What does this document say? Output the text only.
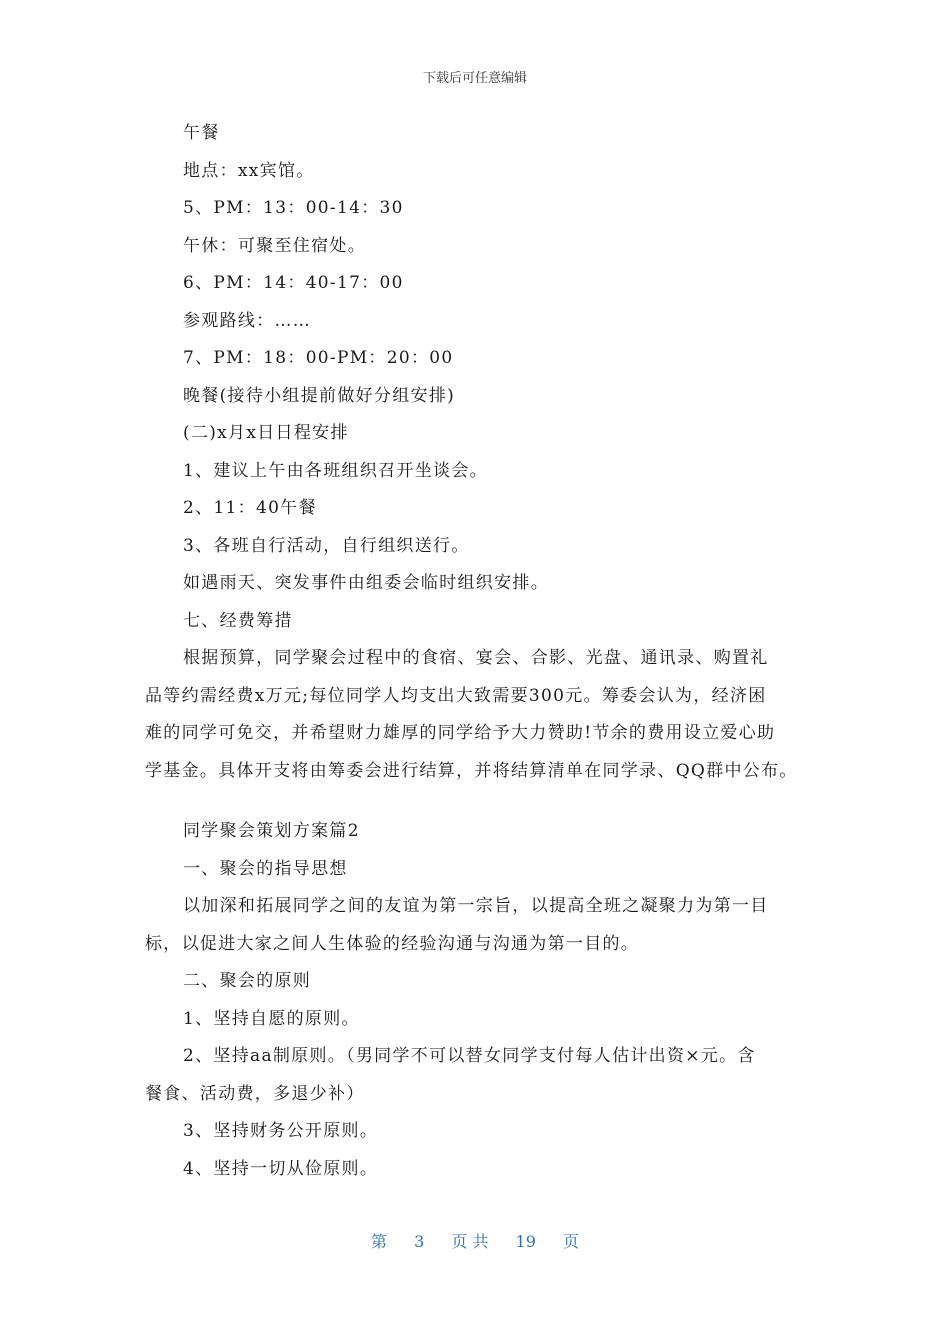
下载后可任意编辑
午餐
地点：xx宾馆。
5、PM：13：00-14：30
午休：可聚至住宿处。
6、PM：14：40-17：00
参观路线：……
7、PM：18：00-PM：20：00
晚餐(接待小组提前做好分组安排)
(二)x月x日日程安排
1、建议上午由各班组织召开坐谈会。
2、11：40午餐
3、各班自行活动，自行组织送行。
如遇雨天、突发事件由组委会临时组织安排。
七、经费筹措
根据预算，同学聚会过程中的食宿、宴会、合影、光盘、通讯录、购置礼
品等约需经费x万元;每位同学人均支出大致需要300元。筹委会认为，经济困
难的同学可免交，并希望财力雄厚的同学给予大力赞助!节余的费用设立爱心助
学基金。具体开支将由筹委会进行结算，并将结算清单在同学录、QQ群中公布。
同学聚会策划方案篇2
一、聚会的指导思想
以加深和拓展同学之间的友谊为第一宗旨，以提高全班之凝聚力为第一目
标，以促进大家之间人生体验的经验沟通与沟通为第一目的。
二、聚会的原则
1、坚持自愿的原则。
2、坚持aa制原则。（男同学不可以替女同学支付每人估计出资×元。含
餐食、活动费，多退少补）
3、坚持财务公开原则。
4、坚持一切从俭原则。
第 3 页 共 19 页
